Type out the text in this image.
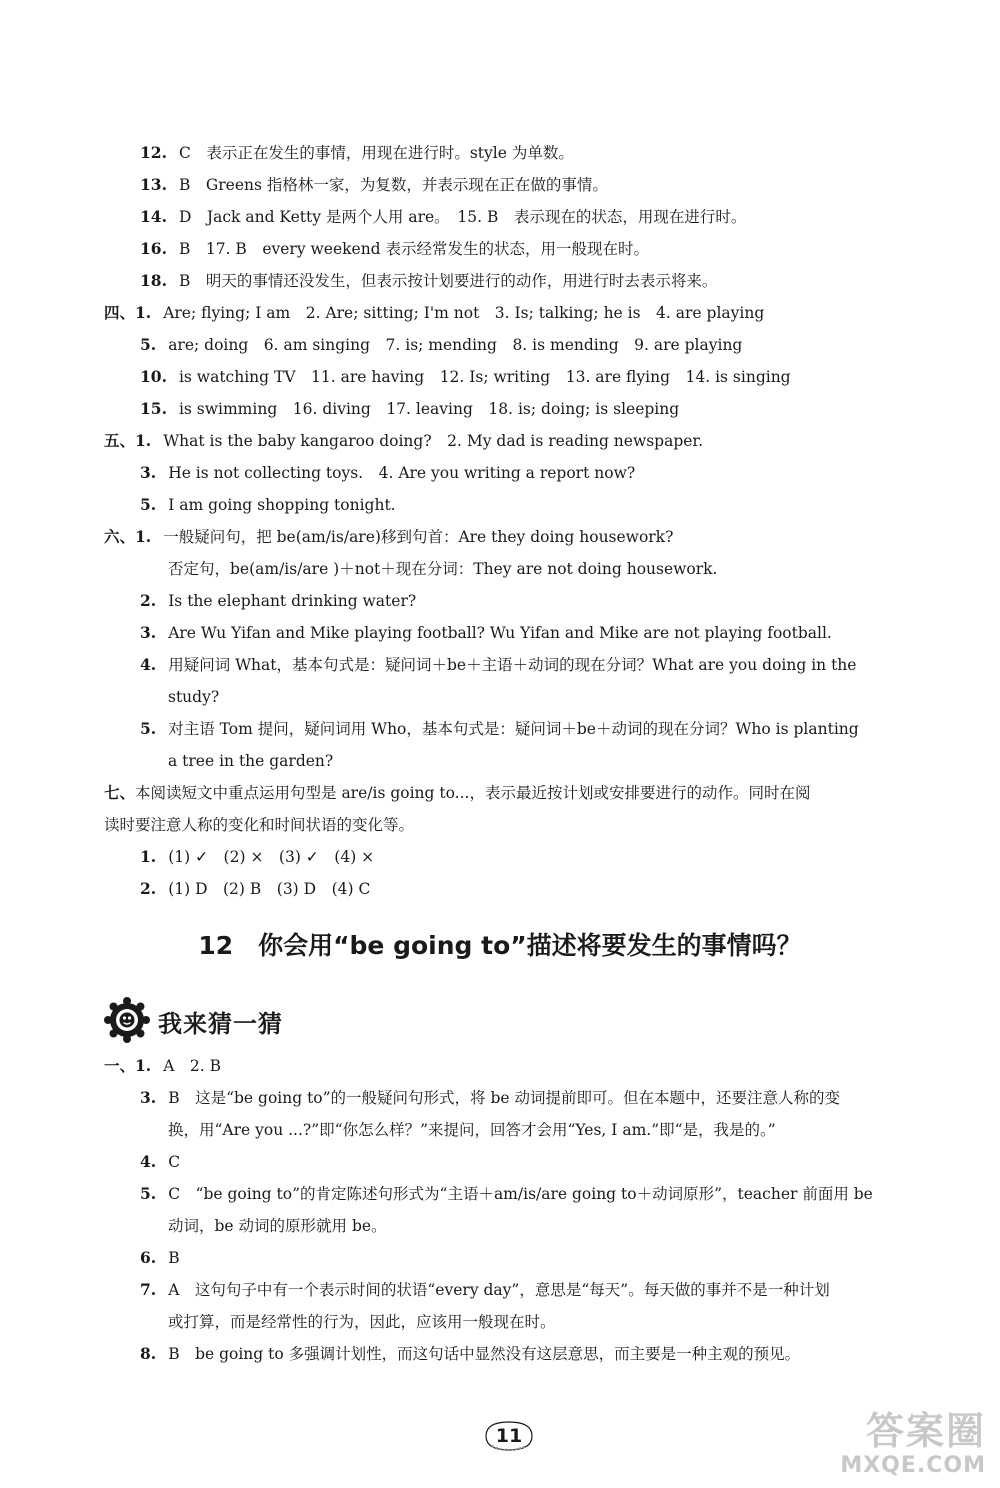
12. C　表示正在发生的事情，用现在进行时。style 为单数。
13. B　Greens 指格林一家，为复数，并表示现在正在做的事情。
14. D　Jack and Ketty 是两个人用 are。　15. B　表示现在的状态，用现在进行时。
16. B　17. B　every weekend 表示经常发生的状态，用一般现在时。
18. B　明天的事情还没发生，但表示按计划要进行的动作，用进行时去表示将来。
四、1. Are; flying; I am　2. Are; sitting; I'm not　3. Is; talking; he is　4. are playing
5. are; doing　6. am singing　7. is; mending　8. is mending　9. are playing
10. is watching TV　11. are having　12. Is; writing　13. are flying　14. is singing
15. is swimming　16. diving　17. leaving　18. is; doing; is sleeping
五、1. What is the baby kangaroo doing?　2. My dad is reading newspaper.
3. He is not collecting toys.　4. Are you writing a report now?
5. I am going shopping tonight.
六、1. 一般疑问句，把 be(am/is/are)移到句首：Are they doing housework?
否定句，be(am/is/are )＋not＋现在分词：They are not doing housework.
2. Is the elephant drinking water?
3. Are Wu Yifan and Mike playing football? Wu Yifan and Mike are not playing football.
4. 用疑问词 What，基本句式是：疑问词＋be＋主语＋动词的现在分词？What are you doing in the
study?
5. 对主语 Tom 提问，疑问词用 Who，基本句式是：疑问词＋be＋动词的现在分词？Who is planting
a tree in the garden?
七、本阅读短文中重点运用句型是 are/is going to...，表示最近按计划或安排要进行的动作。同时在阅
读时要注意人称的变化和时间状语的变化等。
1. (1) ✓　(2) ×　(3) ✓　(4) ×
2. (1) D　(2) B　(3) D　(4) C
12　你会用“be going to”描述将要发生的事情吗？
我来猜一猜
一、1. A　2. B
3. B　这是“be going to”的一般疑问句形式，将 be 动词提前即可。但在本题中，还要注意人称的变
换，用“Are you ...?”即“你怎么样？”来提问，回答才会用“Yes, I am.”即“是，我是的。”
4. C
5. C　“be going to”的肯定陈述句形式为“主语＋am/is/are going to＋动词原形”，teacher 前面用 be
动词，be 动词的原形就用 be。
6. B
7. A　这句句子中有一个表示时间的状语“every day”，意思是“每天”。每天做的事并不是一种计划
或打算，而是经常性的行为，因此，应该用一般现在时。
8. B　be going to 多强调计划性，而这句话中显然没有这层意思，而主要是一种主观的预见。
11	答案圈
MXQE.COM
